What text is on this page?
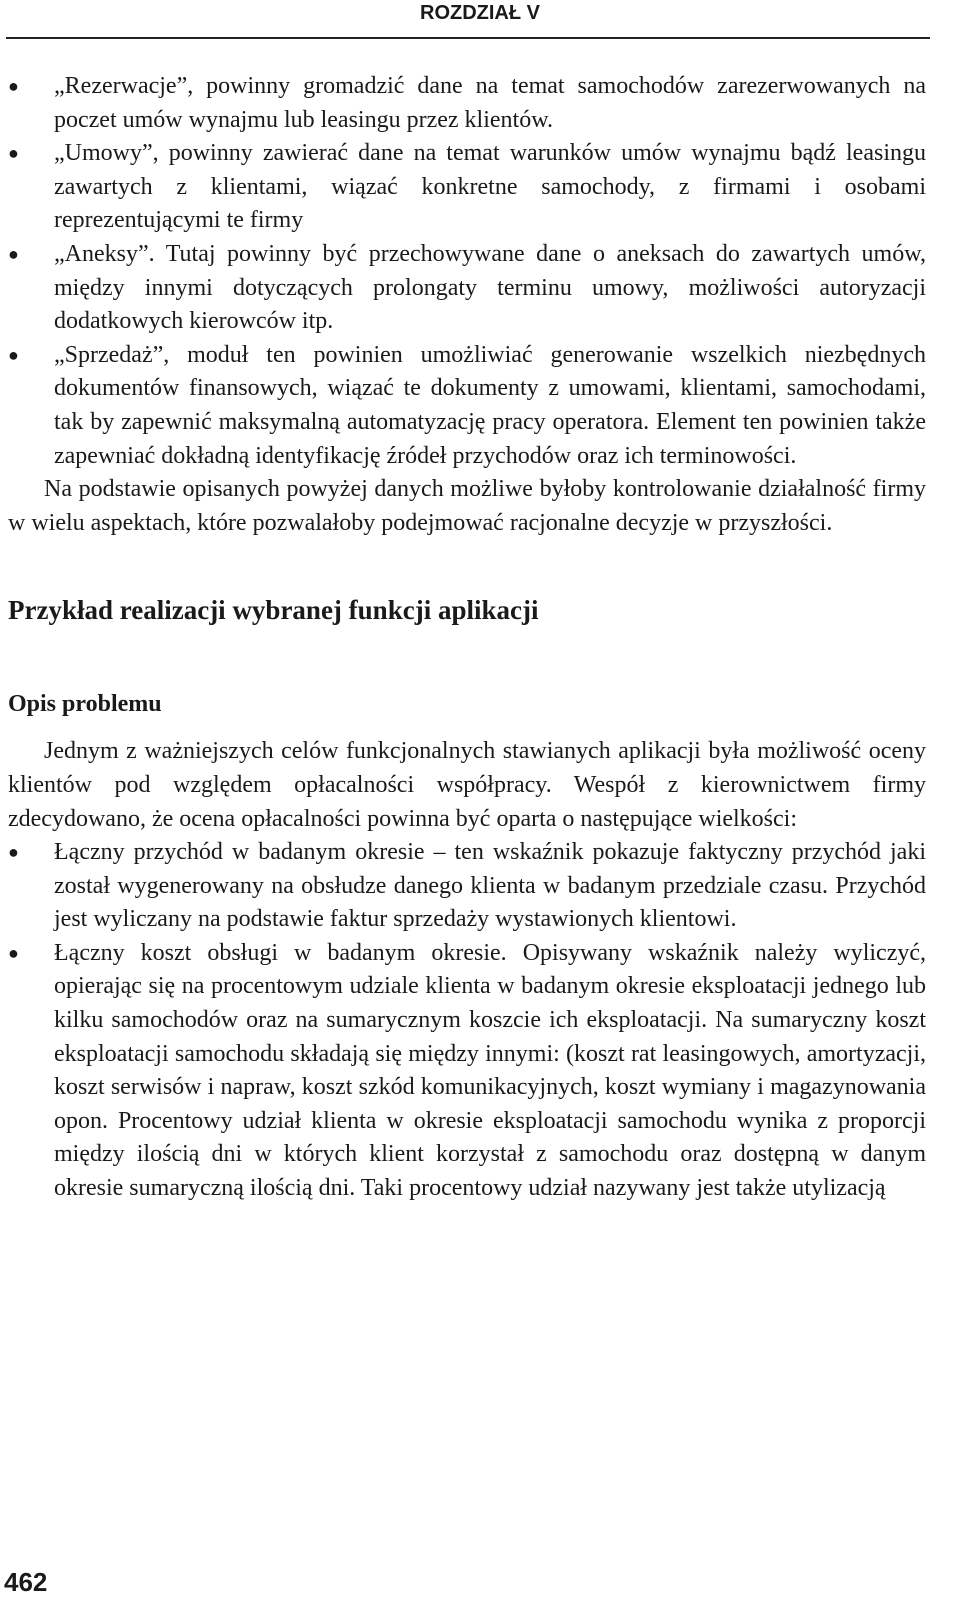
ROZDZIAŁ V
● „Rezerwacje”, powinny gromadzić dane na temat samochodów zarezerwowanych na poczet umów wynajmu lub leasingu przez klientów.
● „Umowy”, powinny zawierać dane na temat warunków umów wynajmu bądź leasingu zawartych z klientami, wiązać konkretne samochody, z firmami i osobami reprezentującymi te firmy
● „Aneksy”. Tutaj powinny być przechowywane dane o aneksach do zawartych umów, między innymi dotyczących prolongaty terminu umowy, możliwości autoryzacji dodatkowych kierowców itp.
● „Sprzedaż”, moduł ten powinien umożliwiać generowanie wszelkich niezbędnych dokumentów finansowych, wiązać te dokumenty z umowami, klientami, samochodami, tak by zapewnić maksymalną automatyzację pracy operatora. Element ten powinien także zapewniać dokładną identyfikację źródeł przychodów oraz ich terminowości.

Na podstawie opisanych powyżej danych możliwe byłoby kontrolowanie działalność firmy w wielu aspektach, które pozwalałoby podejmować racjonalne decyzje w przyszłości.

Przykład realizacji wybranej funkcji aplikacji
Opis problemu

Jednym z ważniejszych celów funkcjonalnych stawianych aplikacji była możliwość oceny klientów pod względem opłacalności współpracy. Wespół z kierownictwem firmy zdecydowano, że ocena opłacalności powinna być oparta o następujące wielkości:

● Łączny przychód w badanym okresie – ten wskaźnik pokazuje faktyczny przychód jaki został wygenerowany na obsłudze danego klienta w badanym przedziale czasu. Przychód jest wyliczany na podstawie faktur sprzedaży wystawionych klientowi.
● Łączny koszt obsługi w badanym okresie. Opisywany wskaźnik należy wyliczyć, opierając się na procentowym udziale klienta w badanym okresie eksploatacji jednego lub kilku samochodów oraz na sumarycznym koszcie ich eksploatacji. Na sumaryczny koszt eksploatacji samochodu składają się między innymi: (koszt rat leasingowych, amortyzacji, koszt serwisów i napraw, koszt szkód komunikacyjnych, koszt wymiany i magazynowania opon. Procentowy udział klienta w okresie eksploatacji samochodu wynika z proporcji między ilością dni w których klient korzystał z samochodu oraz dostępną w danym okresie sumaryczną ilością dni. Taki procentowy udział nazywany jest także utylizacją
462
